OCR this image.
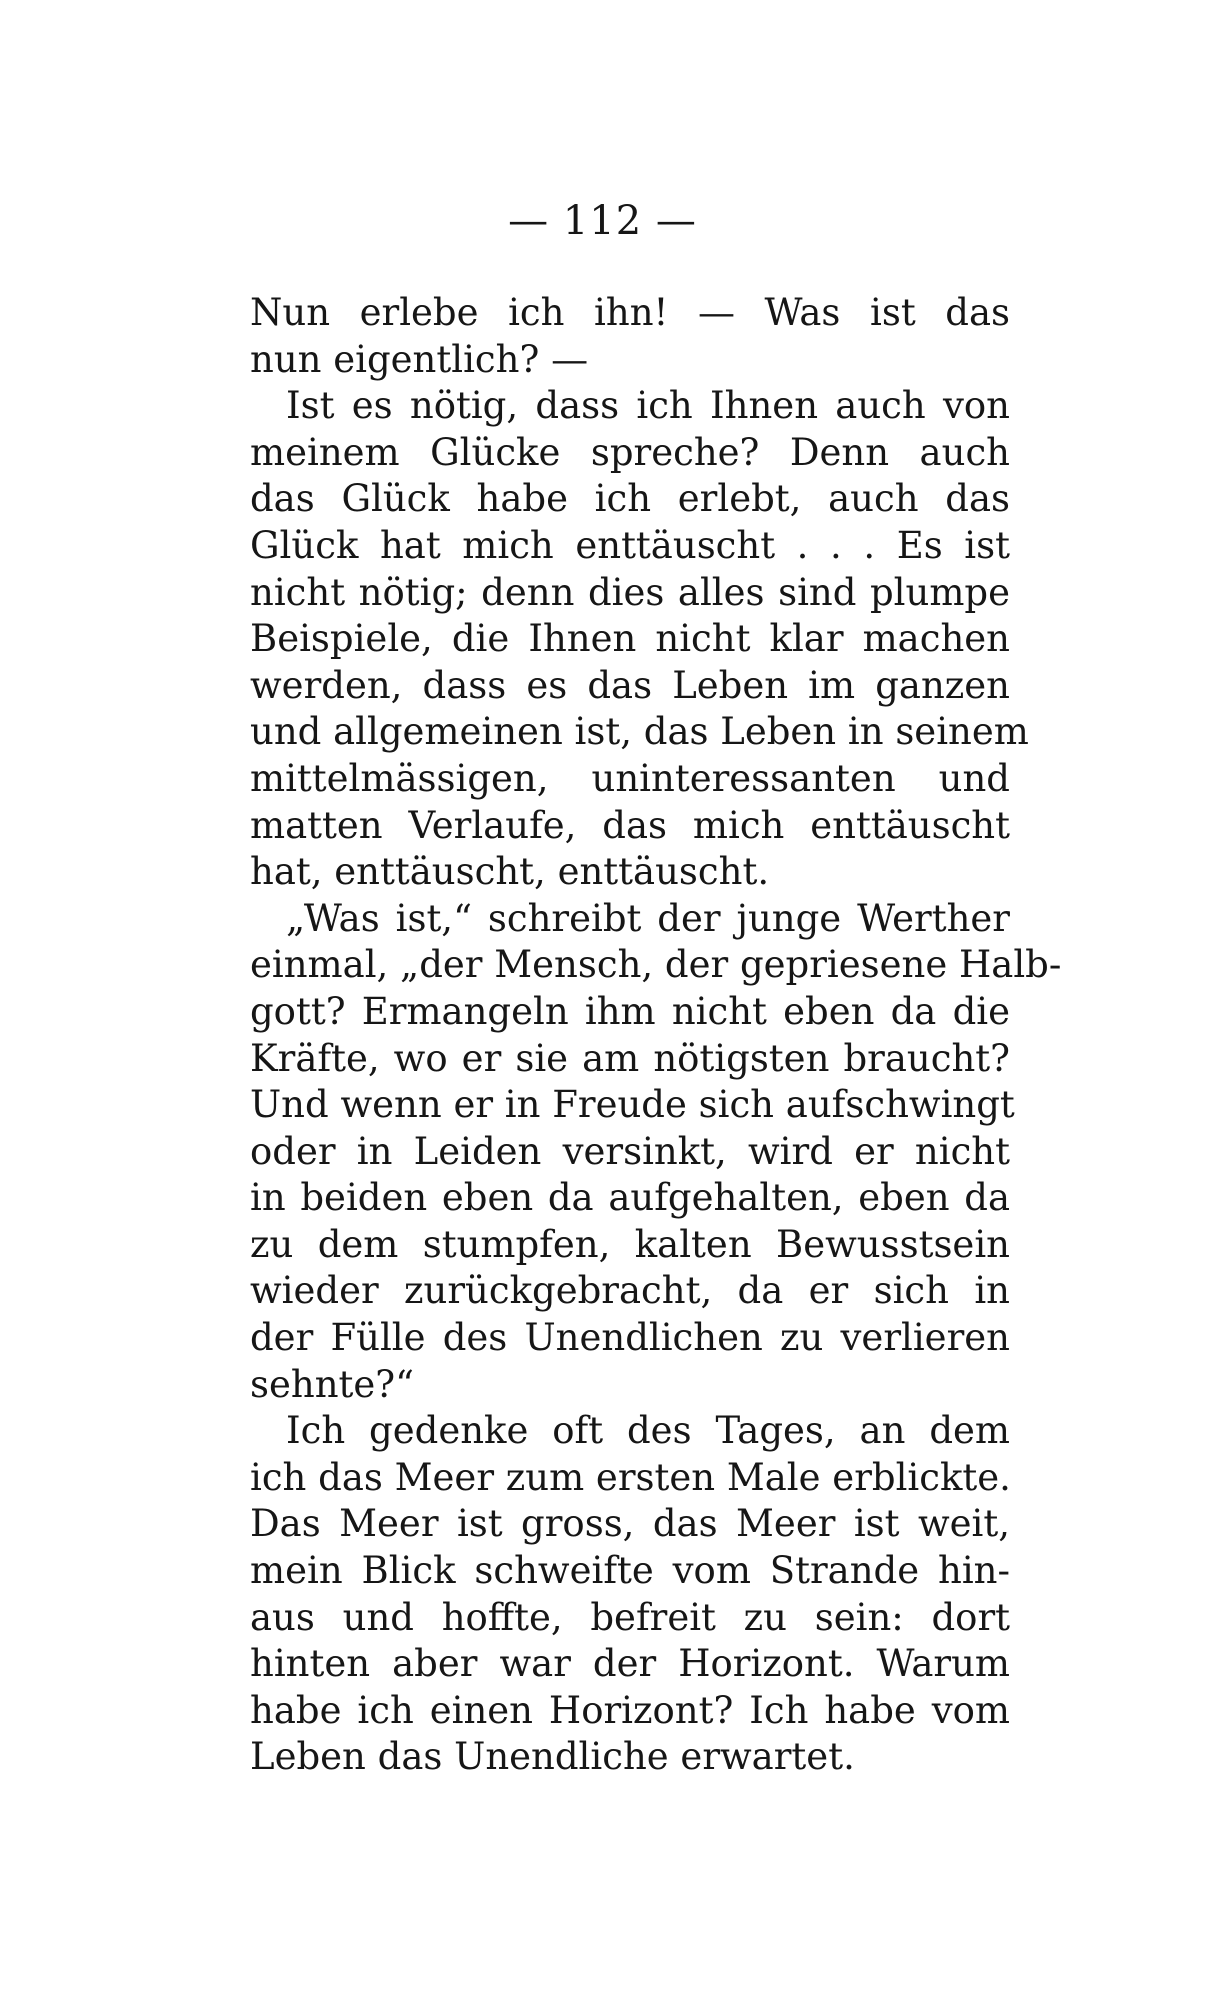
— 112 —
Nun erlebe ich ihn! — Was ist das
nun eigentlich? —
Ist es nötig, dass ich Ihnen auch von
meinem Glücke spreche? Denn auch
das Glück habe ich erlebt, auch das
Glück hat mich enttäuscht . . . Es ist
nicht nötig; denn dies alles sind plumpe
Beispiele, die Ihnen nicht klar machen
werden, dass es das Leben im ganzen
und allgemeinen ist, das Leben in seinem
mittelmässigen, uninteressanten und
matten Verlaufe, das mich enttäuscht
hat, enttäuscht, enttäuscht.
„Was ist,“ schreibt der junge Werther
einmal, „der Mensch, der gepriesene Halb-
gott? Ermangeln ihm nicht eben da die
Kräfte, wo er sie am nötigsten braucht?
Und wenn er in Freude sich aufschwingt
oder in Leiden versinkt, wird er nicht
in beiden eben da aufgehalten, eben da
zu dem stumpfen, kalten Bewusstsein
wieder zurückgebracht, da er sich in
der Fülle des Unendlichen zu verlieren
sehnte?“
Ich gedenke oft des Tages, an dem
ich das Meer zum ersten Male erblickte.
Das Meer ist gross, das Meer ist weit,
mein Blick schweifte vom Strande hin-
aus und hoffte, befreit zu sein: dort
hinten aber war der Horizont. Warum
habe ich einen Horizont? Ich habe vom
Leben das Unendliche erwartet.
